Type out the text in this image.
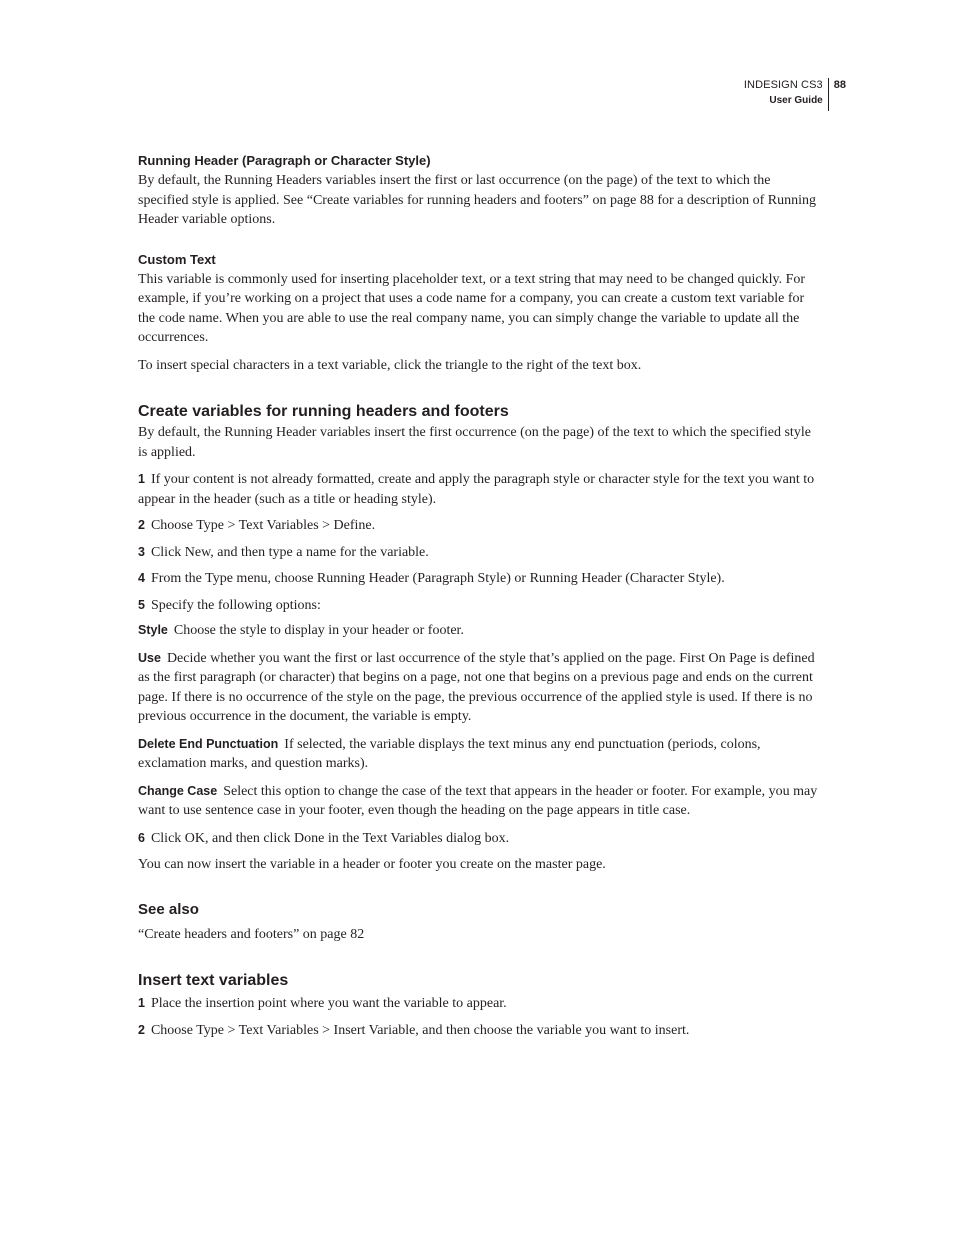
INDESIGN CS3
User Guide
88
Running Header (Paragraph or Character Style)

By default, the Running Headers variables insert the first or last occurrence (on the page) of the text to which the specified style is applied. See “Create variables for running headers and footers” on page 88 for a description of Running Header variable options.

Custom Text

This variable is commonly used for inserting placeholder text, or a text string that may need to be changed quickly. For example, if you’re working on a project that uses a code name for a company, you can create a custom text variable for the code name. When you are able to use the real company name, you can simply change the variable to update all the occurrences.

To insert special characters in a text variable, click the triangle to the right of the text box.

Create variables for running headers and footers

By default, the Running Header variables insert the first occurrence (on the page) of the text to which the specified style is applied.

1 If your content is not already formatted, create and apply the paragraph style or character style for the text you want to appear in the header (such as a title or heading style).
2 Choose Type > Text Variables > Define.
3 Click New, and then type a name for the variable.
4 From the Type menu, choose Running Header (Paragraph Style) or Running Header (Character Style).
5 Specify the following options:
Style Choose the style to display in your header or footer.
Use Decide whether you want the first or last occurrence of the style that’s applied on the page. First On Page is defined as the first paragraph (or character) that begins on a page, not one that begins on a previous page and ends on the current page. If there is no occurrence of the style on the page, the previous occurrence of the applied style is used. If there is no previous occurrence in the document, the variable is empty.
Delete End Punctuation If selected, the variable displays the text minus any end punctuation (periods, colons, exclamation marks, and question marks).
Change Case Select this option to change the case of the text that appears in the header or footer. For example, you may want to use sentence case in your footer, even though the heading on the page appears in title case.
6 Click OK, and then click Done in the Text Variables dialog box.

You can now insert the variable in a header or footer you create on the master page.

See also

“Create headers and footers” on page 82

Insert text variables
1 Place the insertion point where you want the variable to appear.
2 Choose Type > Text Variables > Insert Variable, and then choose the variable you want to insert.
